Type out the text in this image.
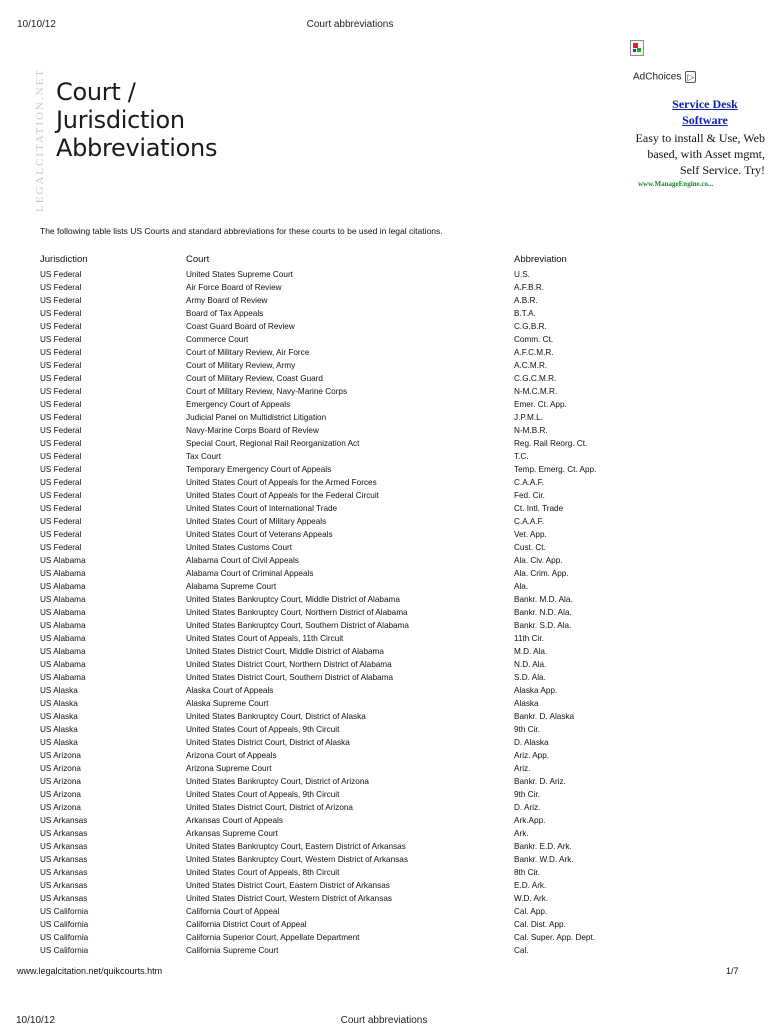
10/10/12	Court abbreviations
LEGALCITATION.NET Court /
Jurisdiction
Abbreviations
AdChoices ▷
Service Desk Software
Easy to install & Use, Web based, with Asset mgmt, Self Service. Try!
www.ManageEngine.co...
The following table lists US Courts and standard abbreviations for these courts to be used in legal citations.
Jurisdiction	Court	Abbreviation
US Federal	United States Supreme Court	U.S.
US Federal	Air Force Board of Review	A.F.B.R.
US Federal	Army Board of Review	A.B.R.
US Federal	Board of Tax Appeals	B.T.A.
US Federal	Coast Guard Board of Review	C.G.B.R.
US Federal	Commerce Court	Comm. Ct.
US Federal	Court of Military Review, Air Force	A.F.C.M.R.
US Federal	Court of Military Review, Army	A.C.M.R.
US Federal	Court of Military Review, Coast Guard	C.G.C.M.R.
US Federal	Court of Military Review, Navy-Marine Corps	N-M.C.M.R.
US Federal	Emergency Court of Appeals	Emer. Ct. App.
US Federal	Judicial Panel on Multidistrict Litigation	J.P.M.L.
US Federal	Navy-Marine Corps Board of Review	N-M.B.R.
US Federal	Special Court, Regional Rail Reorganization Act	Reg. Rail Reorg. Ct.
US Federal	Tax Court	T.C.
US Federal	Temporary Emergency Court of Appeals	Temp. Emerg. Ct. App.
US Federal	United States Court of Appeals for the Armed Forces	C.A.A.F.
US Federal	United States Court of Appeals for the Federal Circuit	Fed. Cir.
US Federal	United States Court of International Trade	Ct. Intl. Trade
US Federal	United States Court of Military Appeals	C.A.A.F.
US Federal	United States Court of Veterans Appeals	Vet. App.
US Federal	United States Customs Court	Cust. Ct.
US Alabama	Alabama Court of Civil Appeals	Ala. Civ. App.
US Alabama	Alabama Court of Criminal Appeals	Ala. Crim. App.
US Alabama	Alabama Supreme Court	Ala.
US Alabama	United States Bankruptcy Court, Middle District of Alabama	Bankr. M.D. Ala.
US Alabama	United States Bankruptcy Court, Northern District of Alabama	Bankr. N.D. Ala.
US Alabama	United States Bankruptcy Court, Southern District of Alabama	Bankr. S.D. Ala.
US Alabama	United States Court of Appeals, 11th Circuit	11th Cir.
US Alabama	United States District Court, Middle District of Alabama	M.D. Ala.
US Alabama	United States District Court, Northern District of Alabama	N.D. Ala.
US Alabama	United States District Court, Southern District of Alabama	S.D. Ala.
US Alaska	Alaska Court of Appeals	Alaska App.
US Alaska	Alaska Supreme Court	Alaska
US Alaska	United States Bankruptcy Court, District of Alaska	Bankr. D. Alaska
US Alaska	United States Court of Appeals, 9th Circuit	9th Cir.
US Alaska	United States District Court, District of Alaska	D. Alaska
US Arizona	Arizona Court of Appeals	Ariz. App.
US Arizona	Arizona Supreme Court	Ariz.
US Arizona	United States Bankruptcy Court, District of Arizona	Bankr. D. Ariz.
US Arizona	United States Court of Appeals, 9th Circuit	9th Cir.
US Arizona	United States District Court, District of Arizona	D. Ariz.
US Arkansas	Arkansas Court of Appeals	Ark.App.
US Arkansas	Arkansas Supreme Court	Ark.
US Arkansas	United States Bankruptcy Court, Eastern District of Arkansas	Bankr. E.D. Ark.
US Arkansas	United States Bankruptcy Court, Western District of Arkansas	Bankr. W.D. Ark.
US Arkansas	United States Court of Appeals, 8th Circuit	8th Cir.
US Arkansas	United States District Court, Eastern District of Arkansas	E.D. Ark.
US Arkansas	United States District Court, Western District of Arkansas	W.D. Ark.
US California	California Court of Appeal	Cal. App.
US California	California District Court of Appeal	Cal. Dist. App.
US California	California Superior Court, Appellate Department	Cal. Super. App. Dept.
US California	California Supreme Court	Cal.
www.legalcitation.net/quikcourts.htm	1/7
10/10/12	Court abbreviations
